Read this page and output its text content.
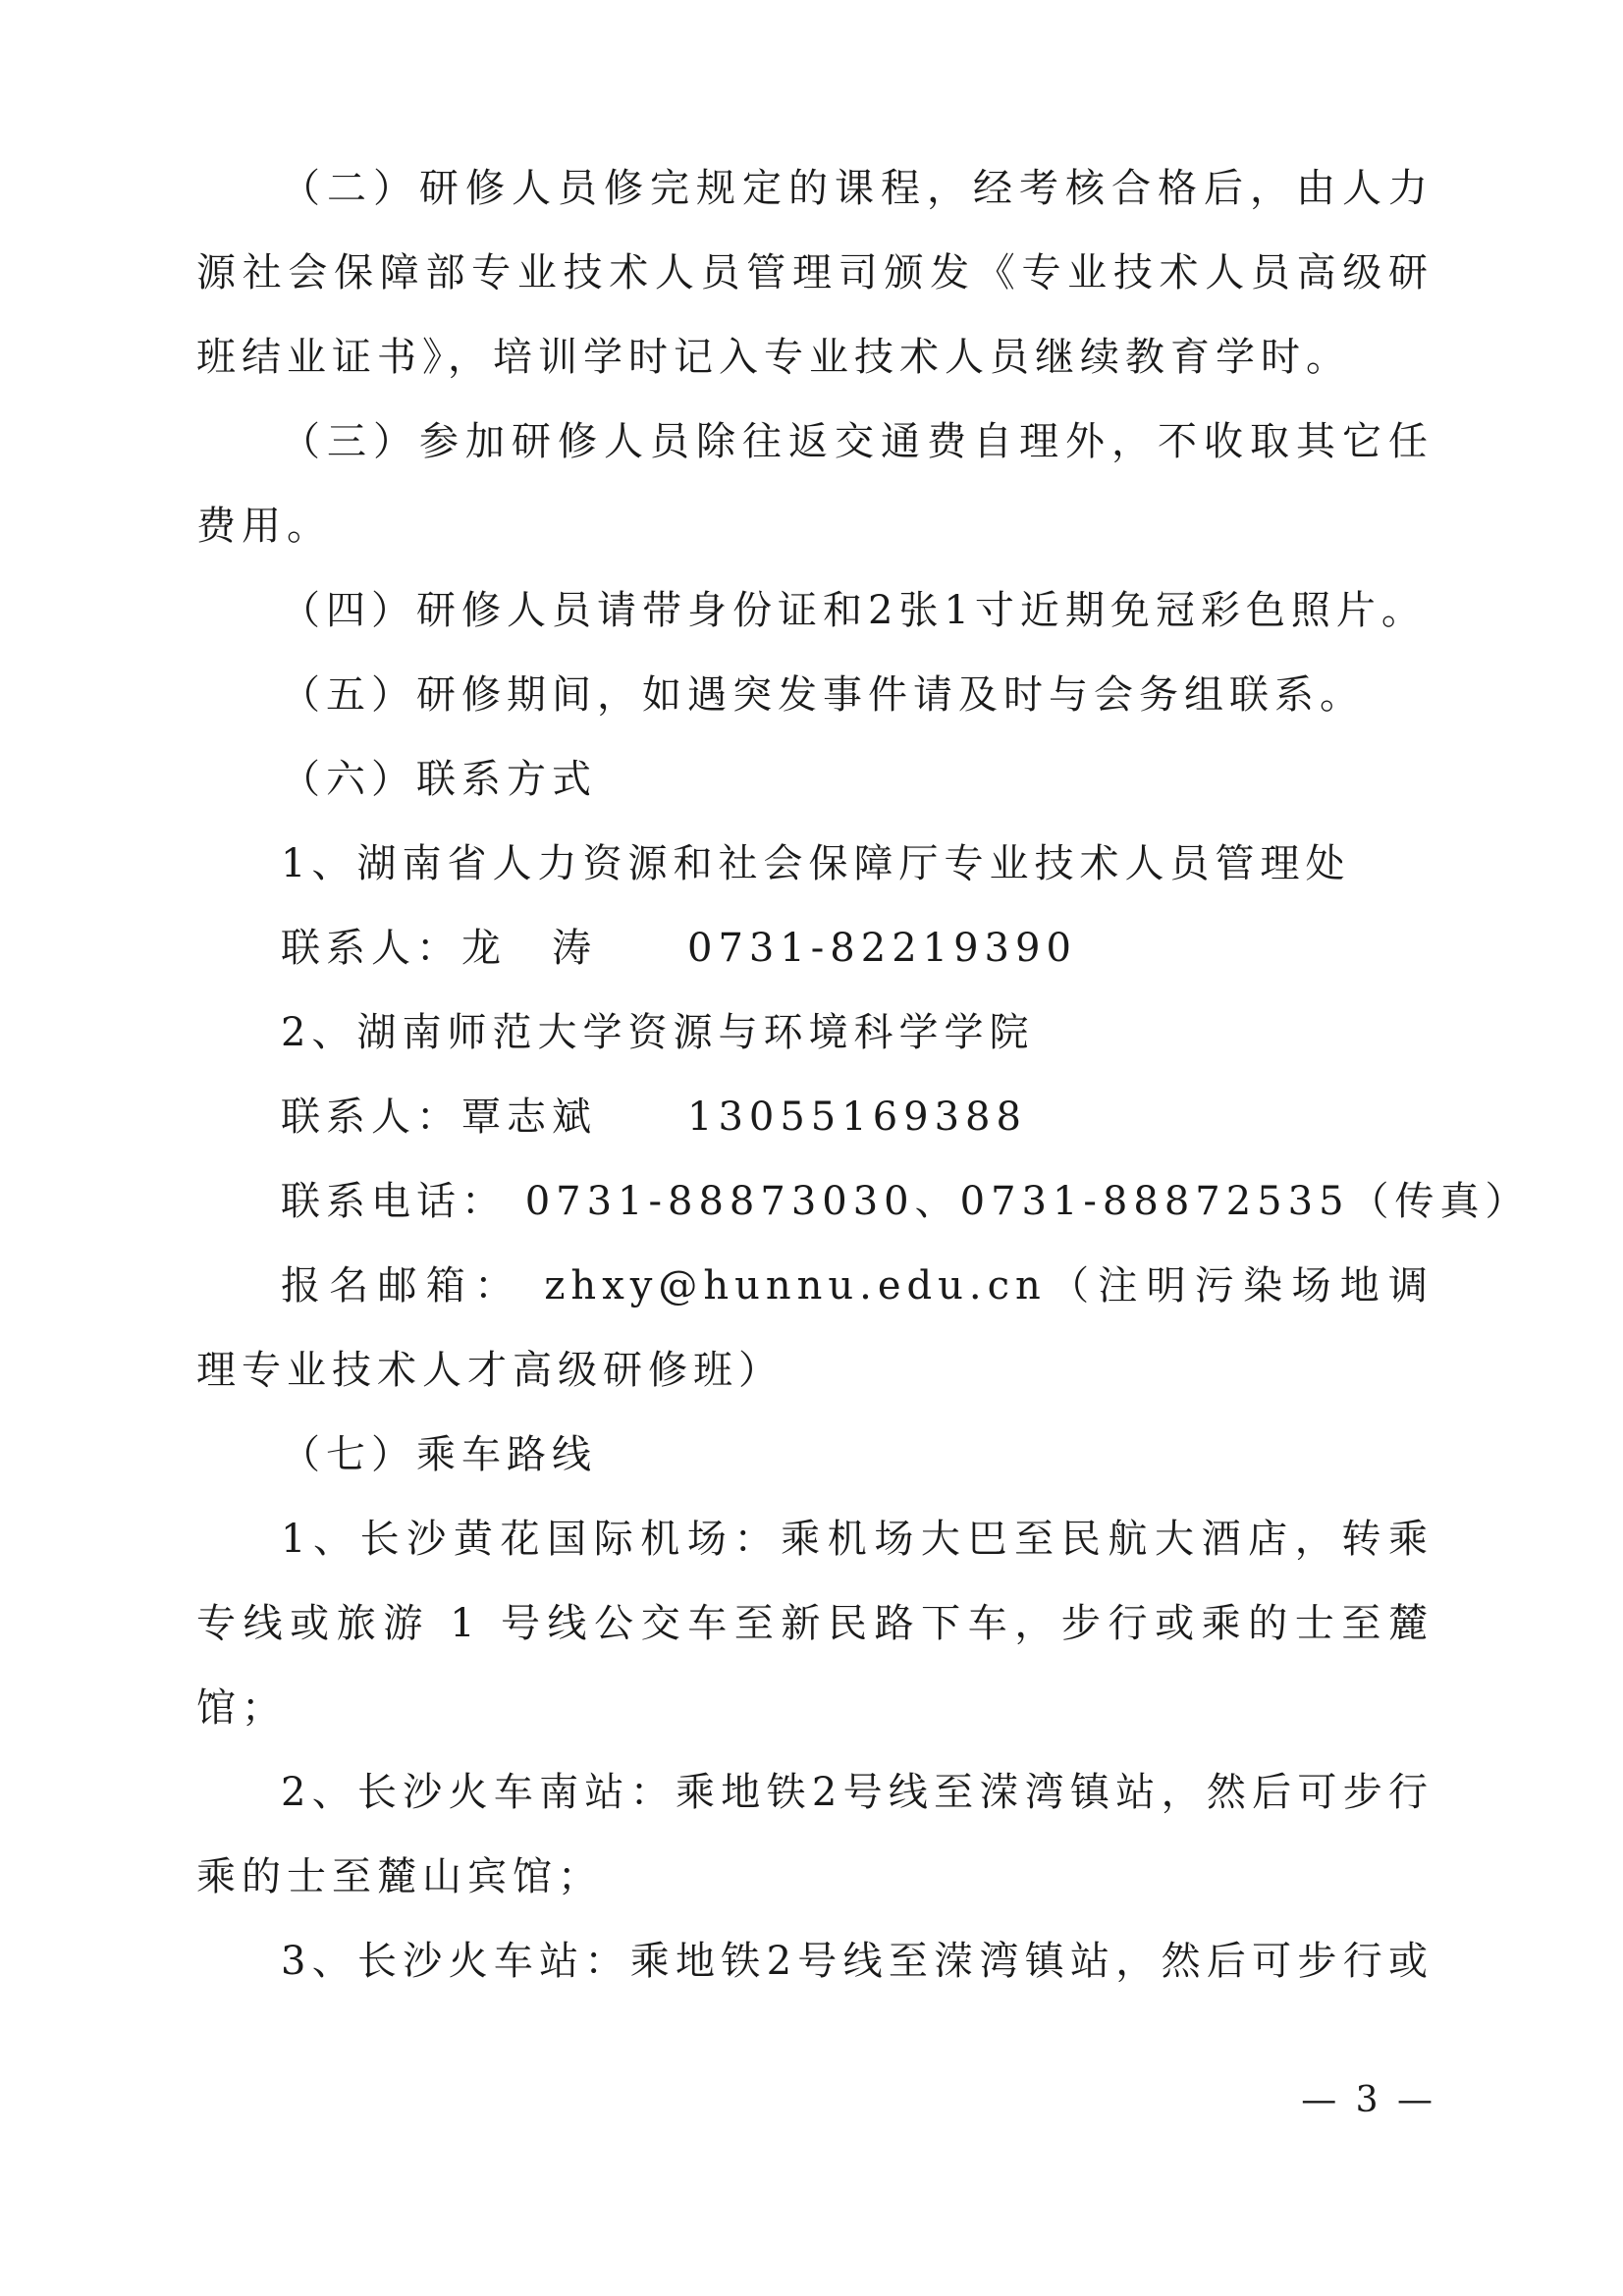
（二）研修人员修完规定的课程，经考核合格后，由人力
源社会保障部专业技术人员管理司颁发《专业技术人员高级研
班结业证书》，培训学时记入专业技术人员继续教育学时。
（三）参加研修人员除往返交通费自理外，不收取其它任
费用。
（四）研修人员请带身份证和2张1寸近期免冠彩色照片。
（五）研修期间，如遇突发事件请及时与会务组联系。
（六）联系方式
1、湖南省人力资源和社会保障厅专业技术人员管理处
联系人：龙　涛　　0731-82219390
2、湖南师范大学资源与环境科学学院
联系人：覃志斌　　13055169388
联系电话： 0731-88873030、0731-88872535（传真）
报名邮箱： zhxy@hunnu.edu.cn（注明污染场地调
理专业技术人才高级研修班）
（七）乘车路线
1、长沙黄花国际机场：乘机场大巴至民航大酒店，转乘
专线或旅游 1 号线公交车至新民路下车，步行或乘的士至麓
馆；
2、长沙火车南站：乘地铁2号线至溁湾镇站，然后可步行
乘的士至麓山宾馆；
3、长沙火车站：乘地铁2号线至溁湾镇站，然后可步行或
— 3 —
